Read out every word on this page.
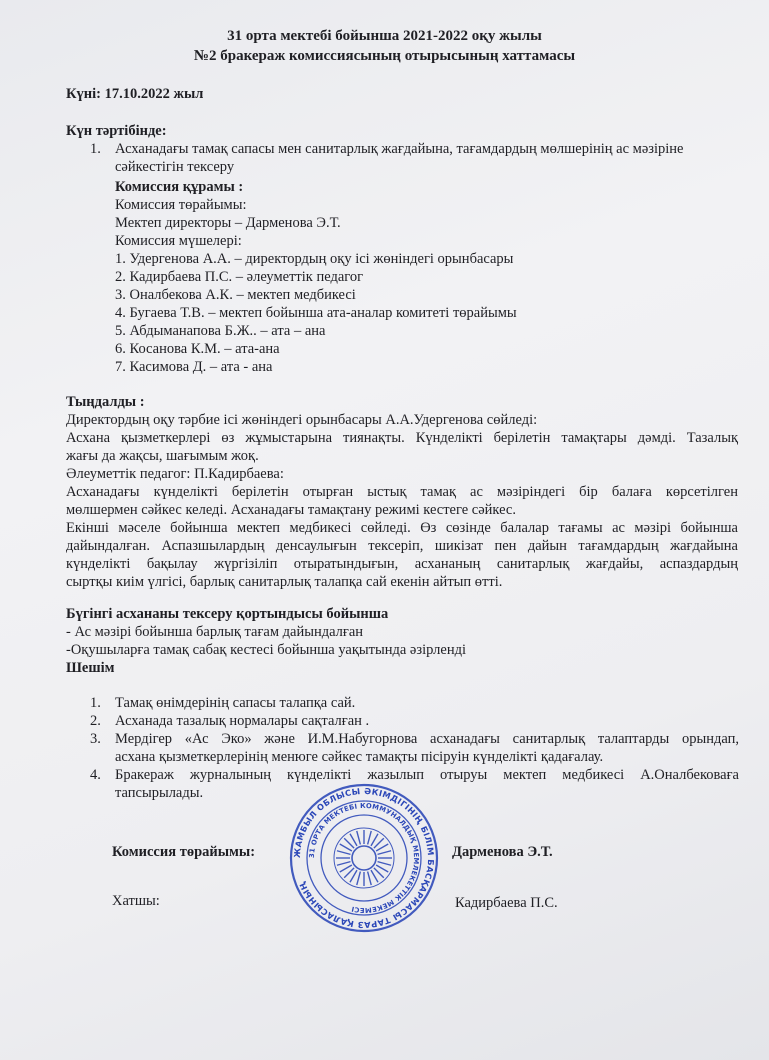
31 орта мектебі бойынша 2021-2022 оқу жылы
№2 бракераж комиссиясының отырысының хаттамасы
Күні: 17.10.2022 жыл
Күн тәртібінде:
1. Асханадағы тамақ сапасы мен санитарлық жағдайына, тағамдардың мөлшерінің ас мәзіріне
сәйкестігін тексеру
Комиссия құрамы :
Комиссия төрайымы:
Мектеп директоры – Дарменова Э.Т.
Комиссия мүшелері:
1. Удергенова А.А. – директордың оқу ісі жөніндегі орынбасары
2. Кадирбаева П.С. – әлеуметтік педагог
3. Оналбекова А.К. – мектеп медбикесі
4. Бугаева Т.В. – мектеп бойынша ата-аналар комитеті төрайымы
5. Абдыманапова Б.Ж.. – ата – ана
6. Косанова К.М. – ата-ана
7. Касимова Д. – ата - ана
Тыңдалды :
Директордың оқу тәрбие ісі жөніндегі орынбасары А.А.Удергенова сөйледі:
Асхана қызметкерлері өз жұмыстарына тиянақты. Күнделікті берілетін тамақтары дәмді. Тазалық
жағы да жақсы, шағымым жоқ.
Әлеуметтік педагог: П.Кадирбаева:
Асханадағы күнделікті берілетін отырған ыстық тамақ ас мәзіріндегі бір балаға көрсетілген
мөлшермен сәйкес келеді. Асханадағы тамақтану режимі кестеге сәйкес.
Екінші мәселе бойынша мектеп медбикесі сөйледі. Өз сөзінде балалар тағамы ас мәзірі бойынша
дайындалған. Аспазшылардың денсаулығын тексеріп, шикізат пен дайын тағамдардың жағдайына
күнделікті бақылау жүргізіліп отыратындығын, асхананың санитарлық жағдайы, аспаздардың
сыртқы киім үлгісі, барлық санитарлық талапқа сай екенін айтып өтті.
Бүгінгі асхананы тексеру қортындысы бойынша
- Ас мәзірі бойынша барлық тағам дайындалған
-Оқушыларға тамақ сабақ кестесі бойынша уақытында әзірленді
Шешім
1. Тамақ өнімдерінің сапасы талапқа сай.
2. Асханада тазалық нормалары сақталған .
3. Мердігер «Ас Эко» және И.М.Набугорнова асханадағы санитарлық талаптарды орындап,
асхана қызметкерлерінің менюге сәйкес тамақты пісіруін күнделікті қадағалау.
4. Бракераж журналының күнделікті жазылып отыруы мектеп медбикесі А.Оналбековаға
тапсырылады.
Комиссия төрайымы:	Дарменова Э.Т.
Хатшы:	Кадирбаева П.С.
ЖАМБЫЛ ОБЛЫСЫ ӘКІМДІГІНІҢ БІЛІМ БАСҚАРМАСЫ ТАРАЗ ҚАЛАСЫНЫҢ
31 ОРТА МЕКТЕБІ КОММУНАЛДЫҚ МЕМЛЕКЕТТІК МЕКЕМЕСІ
